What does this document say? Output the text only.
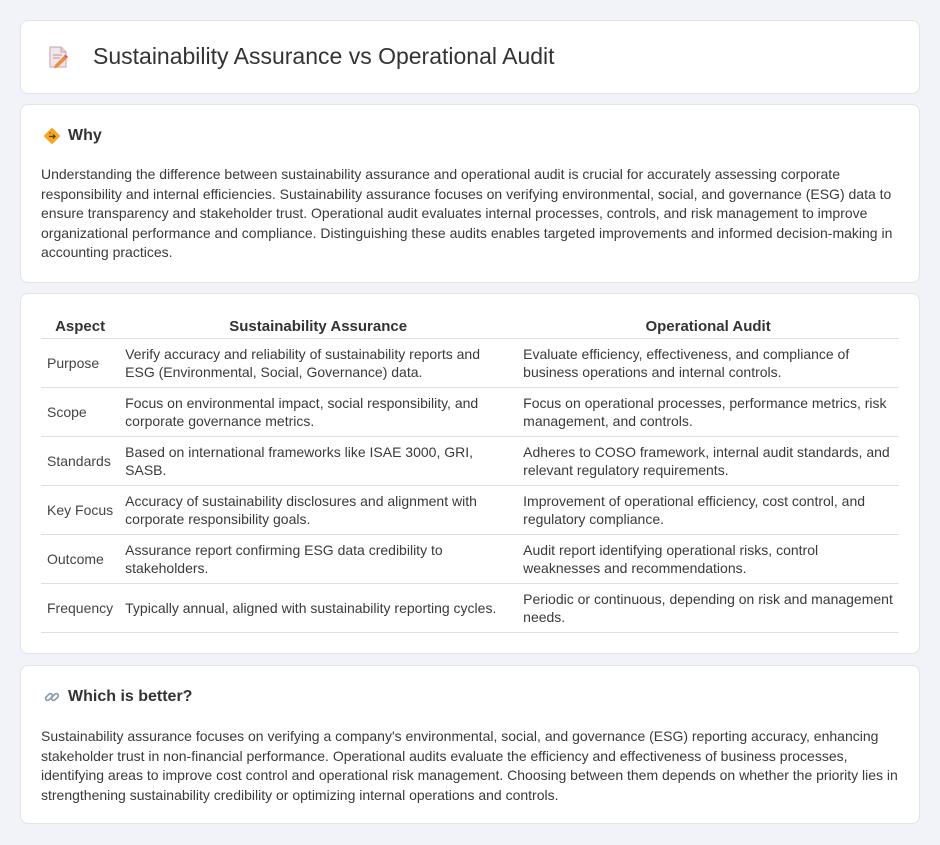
Sustainability Assurance vs Operational Audit
Why

Understanding the difference between sustainability assurance and operational audit is crucial for accurately assessing corporate responsibility and internal efficiencies. Sustainability assurance focuses on verifying environmental, social, and governance (ESG) data to ensure transparency and stakeholder trust. Operational audit evaluates internal processes, controls, and risk management to improve organizational performance and compliance. Distinguishing these audits enables targeted improvements and informed decision-making in accounting practices.

Aspect	Sustainability Assurance	Operational Audit
Purpose	Verify accuracy and reliability of sustainability reports and ESG (Environmental, Social, Governance) data.	Evaluate efficiency, effectiveness, and compliance of business operations and internal controls.
Scope	Focus on environmental impact, social responsibility, and corporate governance metrics.	Focus on operational processes, performance metrics, risk management, and controls.
Standards	Based on international frameworks like ISAE 3000, GRI, SASB.	Adheres to COSO framework, internal audit standards, and relevant regulatory requirements.
Key Focus	Accuracy of sustainability disclosures and alignment with corporate responsibility goals.	Improvement of operational efficiency, cost control, and regulatory compliance.
Outcome	Assurance report confirming ESG data credibility to stakeholders.	Audit report identifying operational risks, control weaknesses and recommendations.
Frequency	Typically annual, aligned with sustainability reporting cycles.	Periodic or continuous, depending on risk and management needs.
Which is better?

Sustainability assurance focuses on verifying a company's environmental, social, and governance (ESG) reporting accuracy, enhancing stakeholder trust in non-financial performance. Operational audits evaluate the efficiency and effectiveness of business processes, identifying areas to improve cost control and operational risk management. Choosing between them depends on whether the priority lies in strengthening sustainability credibility or optimizing internal operations and controls.
